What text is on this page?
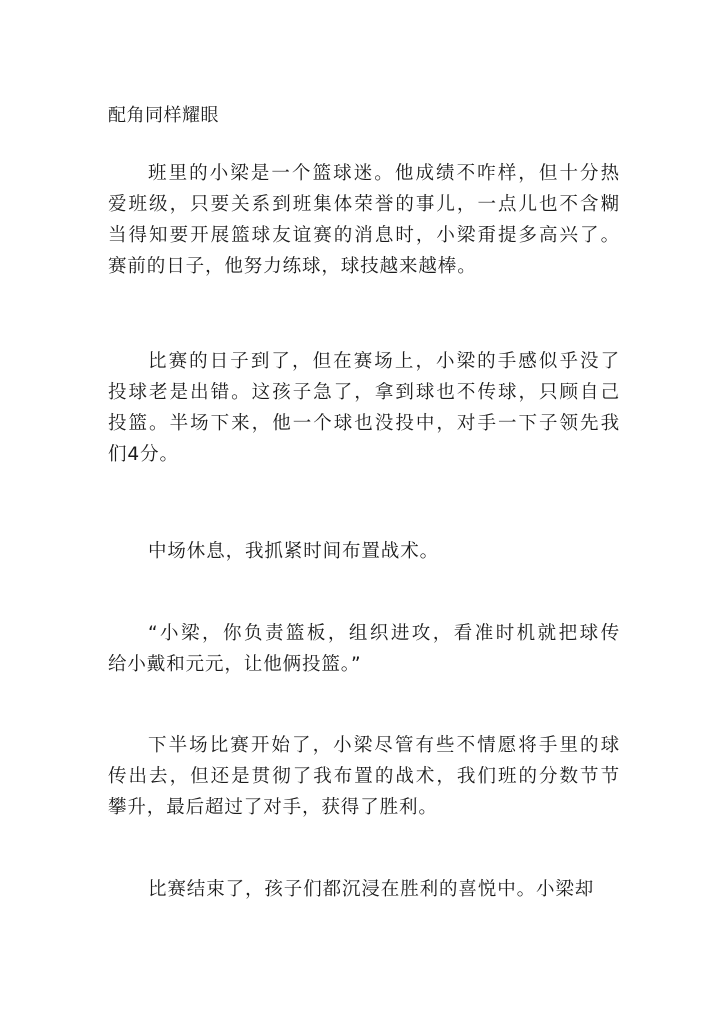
配角同样耀眼
班里的小梁是一个篮球迷。他成绩不咋样，但十分热
爱班级，只要关系到班集体荣誉的事儿，一点儿也不含糊
当得知要开展篮球友谊赛的消息时，小梁甭提多高兴了。
赛前的日子，他努力练球，球技越来越棒。
比赛的日子到了，但在赛场上，小梁的手感似乎没了
投球老是出错。这孩子急了，拿到球也不传球，只顾自己
投篮。半场下来，他一个球也没投中，对手一下子领先我
们4分。
中场休息，我抓紧时间布置战术。
“小梁，你负责篮板，组织进攻，看准时机就把球传
给小戴和元元，让他俩投篮。”
下半场比赛开始了，小梁尽管有些不情愿将手里的球
传出去，但还是贯彻了我布置的战术，我们班的分数节节
攀升，最后超过了对手，获得了胜利。
比赛结束了，孩子们都沉浸在胜利的喜悦中。小梁却
